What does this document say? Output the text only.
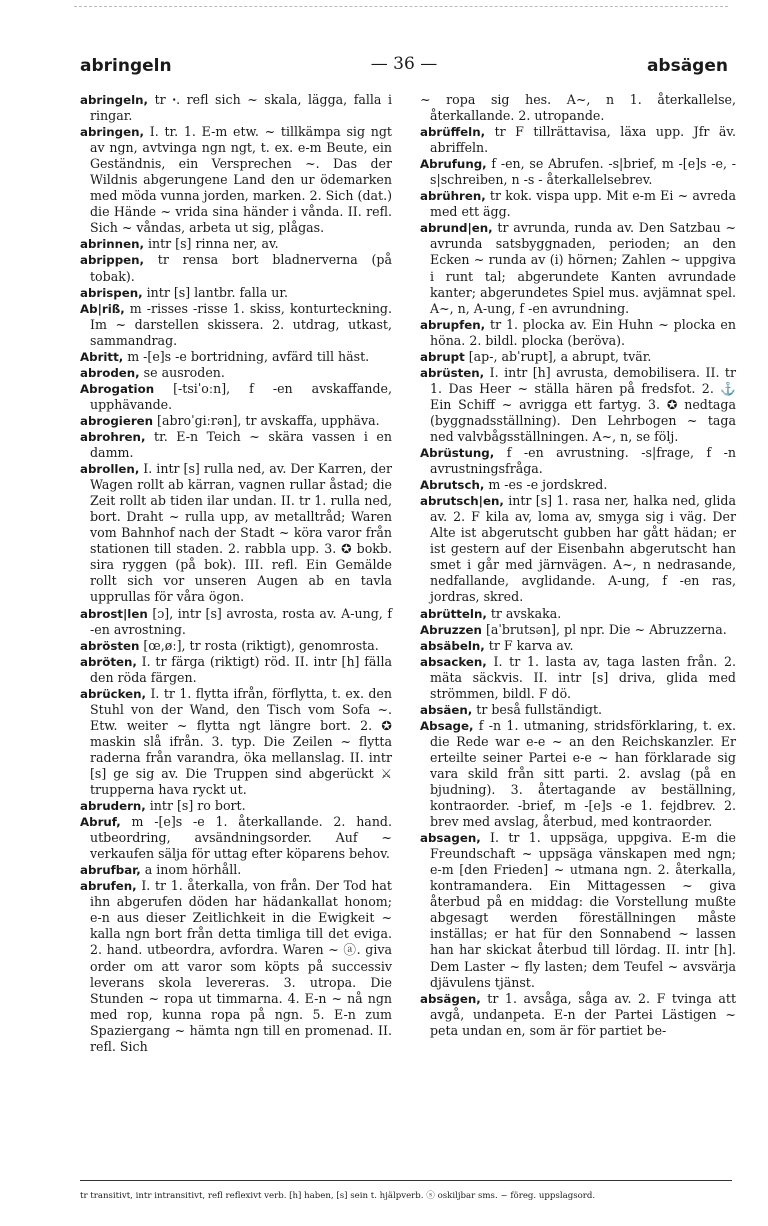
abringeln	— 36 —	absägen

abringeln, tr ꞏ. refl sich ~ skala, lägga, falla i ringar.

abringen, I. tr. 1. E-m etw. ~ tillkämpa sig ngt av ngn, avtvinga ngn ngt, t. ex. e-m Beute, ein Geständnis, ein Versprechen ~. Das der Wildnis abgerungene Land den ur ödemarken med möda vunna jorden, marken. 2. Sich (dat.) die Hände ~ vrida sina händer i vånda. II. refl. Sich ~ våndas, arbeta ut sig, plågas.

abrinnen, intr [s] rinna ner, av.

abrippen, tr rensa bort bladnerverna (på tobak).

abrispen, intr [s] lantbr. falla ur.

Ab|riß, m -risses -risse 1. skiss, konturteckning. Im ~ darstellen skissera. 2. utdrag, utkast, sammandrag.

Abritt, m -[e]s -e bortridning, avfärd till häst.

abroden, se ausroden.

Abrogation [-tsiˈoːn], f -en avskaffande, upphävande.

abrogieren [abroˈgiːrən], tr avskaffa, upphäva.

abrohren, tr. E-n Teich ~ skära vassen i en damm.

abrollen, I. intr [s] rulla ned, av. Der Karren, der Wagen rollt ab kärran, vagnen rullar åstad; die Zeit rollt ab tiden ilar undan. II. tr 1. rulla ned, bort. Draht ~ rulla upp, av metalltråd; Waren vom Bahnhof nach der Stadt ~ köra varor från stationen till staden. 2. rabbla upp. 3. ✪ bokb. sira ryggen (på bok). III. refl. Ein Gemälde rollt sich vor unseren Augen ab en tavla upprullas för våra ögon.

abrost|len [ɔ], intr [s] avrosta, rosta av. A-ung, f -en avrostning.

abrösten [œ,øː], tr rosta (riktigt), genomrosta.

abröten, I. tr färga (riktigt) röd. II. intr [h] fälla den röda färgen.

abrücken, I. tr 1. flytta ifrån, förflytta, t. ex. den Stuhl von der Wand, den Tisch vom Sofa ~. Etw. weiter ~ flytta ngt längre bort. 2. ✪ maskin slå ifrån. 3. typ. Die Zeilen ~ flytta raderna från varandra, öka mellanslag. II. intr [s] ge sig av. Die Truppen sind abgerückt ⚔ trupperna hava ryckt ut.

abrudern, intr [s] ro bort.

Abruf, m -[e]s -e 1. återkallande. 2. hand. utbeordring, avsändningsorder. Auf ~ verkaufen sälja för uttag efter köparens behov.

abrufbar, a inom hörhåll.

abrufen, I. tr 1. återkalla, von från. Der Tod hat ihn abgerufen döden har hädankallat honom; e-n aus dieser Zeitlichkeit in die Ewigkeit ~ kalla ngn bort från detta timliga till det eviga. 2. hand. utbeordra, avfordra. Waren ~ ⓐ. giva order om att varor som köpts på successiv leverans skola levereras. 3. utropa. Die Stunden ~ ropa ut timmarna. 4. E-n ~ nå ngn med rop, kunna ropa på ngn. 5. E-n zum Spaziergang ~ hämta ngn till en promenad. II. refl. Sich

~ ropa sig hes. A~, n 1. återkallelse, återkallande. 2. utropande.

abrüffeln, tr F tillrättavisa, läxa upp. Jfr äv. abriffeln.

Abrufung, f -en, se Abrufen. -s|brief, m -[e]s -e, -s|schreiben, n -s - återkallelsebrev.

abrühren, tr kok. vispa upp. Mit e-m Ei ~ avreda med ett ägg.

abrund|en, tr avrunda, runda av. Den Satzbau ~ avrunda satsbyggnaden, perioden; an den Ecken ~ runda av (i) hörnen; Zahlen ~ uppgiva i runt tal; abgerundete Kanten avrundade kanter; abgerundetes Spiel mus. avjämnat spel. A~, n, A-ung, f -en avrundning.

abrupfen, tr 1. plocka av. Ein Huhn ~ plocka en höna. 2. bildl. plocka (beröva).

abrupt [ap-, abˈrupt], a abrupt, tvär.

abrüsten, I. intr [h] avrusta, demobilisera. II. tr 1. Das Heer ~ ställa hären på fredsfot. 2. ⚓ Ein Schiff ~ avrigga ett fartyg. 3. ✪ nedtaga (byggnadsställning). Den Lehrbogen ~ taga ned valvbågsställningen. A~, n, se följ.

Abrüstung, f -en avrustning. -s|frage, f -n avrustningsfråga.

Abrutsch, m -es -e jordskred.

abrutsch|en, intr [s] 1. rasa ner, halka ned, glida av. 2. F kila av, loma av, smyga sig i väg. Der Alte ist abgerutscht gubben har gått hädan; er ist gestern auf der Eisenbahn abgerutscht han smet i går med järnvägen. A~, n nedrasande, nedfallande, avglidande. A-ung, f -en ras, jordras, skred.

abrütteln, tr avskaka.

Abruzzen [aˈbrutsən], pl npr. Die ~ Abruzzerna.

absäbeln, tr F karva av.

absacken, I. tr 1. lasta av, taga lasten från. 2. mäta säckvis. II. intr [s] driva, glida med strömmen, bildl. F dö.

absäen, tr beså fullständigt.

Absage, f -n 1. utmaning, stridsförklaring, t. ex. die Rede war e-e ~ an den Reichskanzler. Er erteilte seiner Partei e-e ~ han förklarade sig vara skild från sitt parti. 2. avslag (på en bjudning). 3. återtagande av beställning, kontraorder. -brief, m -[e]s -e 1. fejdbrev. 2. brev med avslag, återbud, med kontraorder.

absagen, I. tr 1. uppsäga, uppgiva. E-m die Freundschaft ~ uppsäga vänskapen med ngn; e-m [den Frieden] ~ utmana ngn. 2. återkalla, kontramandera. Ein Mittagessen ~ giva återbud på en middag: die Vorstellung mußte abgesagt werden föreställningen måste inställas; er hat für den Sonnabend ~ lassen han har skickat återbud till lördag. II. intr [h]. Dem Laster ~ fly lasten; dem Teufel ~ avsvärja djävulens tjänst.

absägen, tr 1. avsåga, såga av. 2. F tvinga att avgå, undanpeta. E-n der Partei Lästigen ~ peta undan en, som är för partiet be-

tr transitivt, intr intransitivt, refl reflexivt verb. [h] haben, [s] sein t. hjälpverb. ⓢ oskiljbar sms. ~ föreg. uppslagsord.
